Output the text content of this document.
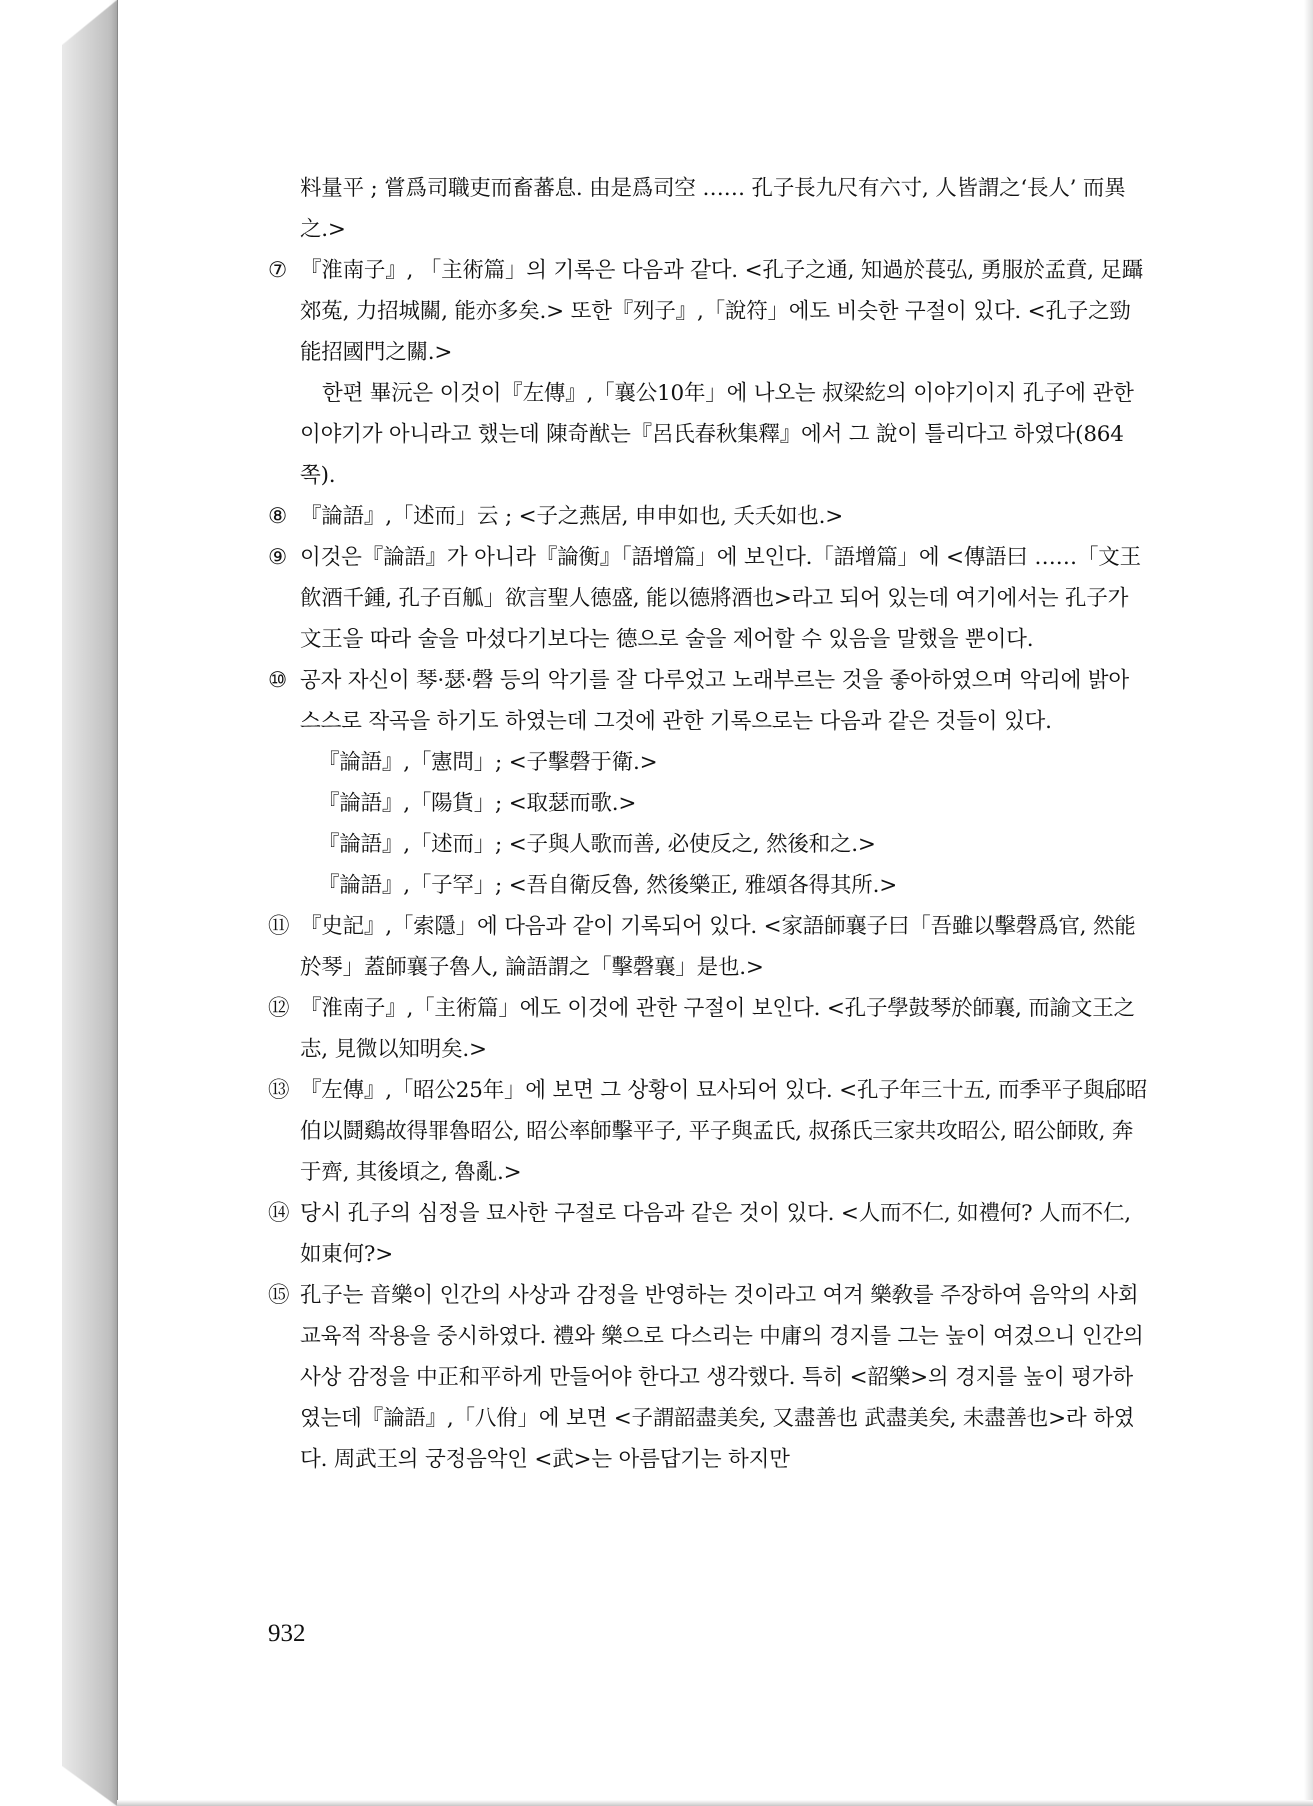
料量平 ; 嘗爲司職吏而畜蕃息. 由是爲司空 …… 孔子長九尺有六寸, 人皆謂之‘長人’ 而異之.>

⑦ 『淮南子』, 「主術篇」의 기록은 다음과 같다. <孔子之通, 知過於萇弘, 勇服於孟賁, 足躡郊菟, 力招城關, 能亦多矣.> 또한『列子』,「說符」에도 비슷한 구절이 있다. <孔子之勁能招國門之關.>

한편 畢沅은 이것이『左傳』,「襄公10年」에 나오는 叔梁紇의 이야기이지 孔子에 관한 이야기가 아니라고 했는데 陳奇猷는『呂氏春秋集釋』에서 그 說이 틀리다고 하였다(864쪽).

⑧ 『論語』,「述而」云 ; <子之燕居, 申申如也, 夭夭如也.>
⑨ 이것은『論語』가 아니라『論衡』「語增篇」에 보인다.「語增篇」에 <傳語曰 ……「文王飮酒千鍾, 孔子百觚」欲言聖人德盛, 能以德將酒也>라고 되어 있는데 여기에서는 孔子가 文王을 따라 술을 마셨다기보다는 德으로 술을 제어할 수 있음을 말했을 뿐이다.
⑩ 공자 자신이 琴·瑟·磬 등의 악기를 잘 다루었고 노래부르는 것을 좋아하였으며 악리에 밝아 스스로 작곡을 하기도 하였는데 그것에 관한 기록으로는 다음과 같은 것들이 있다.

『論語』,「憲問」; <子擊磬于衛.>

『論語』,「陽貨」; <取瑟而歌.>

『論語』,「述而」; <子與人歌而善, 必使反之, 然後和之.>

『論語』,「子罕」; <吾自衛反魯, 然後樂正, 雅頌各得其所.>

⑪ 『史記』,「索隱」에 다음과 같이 기록되어 있다. <家語師襄子曰「吾雖以擊磬爲官, 然能於琴」蓋師襄子魯人, 論語謂之「擊磬襄」是也.>
⑫ 『淮南子』,「主術篇」에도 이것에 관한 구절이 보인다. <孔子學鼓琴於師襄, 而諭文王之志, 見微以知明矣.>
⑬ 『左傳』,「昭公25年」에 보면 그 상황이 묘사되어 있다. <孔子年三十五, 而季平子與郈昭伯以鬪鷄故得罪魯昭公, 昭公率師擊平子, 平子與孟氏, 叔孫氏三家共攻昭公, 昭公師敗, 奔于齊, 其後頃之, 魯亂.>
⑭ 당시 孔子의 심정을 묘사한 구절로 다음과 같은 것이 있다. <人而不仁, 如禮何? 人而不仁, 如東何?>
⑮ 孔子는 音樂이 인간의 사상과 감정을 반영하는 것이라고 여겨 樂敎를 주장하여 음악의 사회교육적 작용을 중시하였다. 禮와 樂으로 다스리는 中庸의 경지를 그는 높이 여겼으니 인간의 사상 감정을 中正和平하게 만들어야 한다고 생각했다. 특히 <韶樂>의 경지를 높이 평가하였는데『論語』,「八佾」에 보면 <子謂韶盡美矣, 又盡善也 武盡美矣, 未盡善也>라 하였다. 周武王의 궁정음악인 <武>는 아름답기는 하지만
932
